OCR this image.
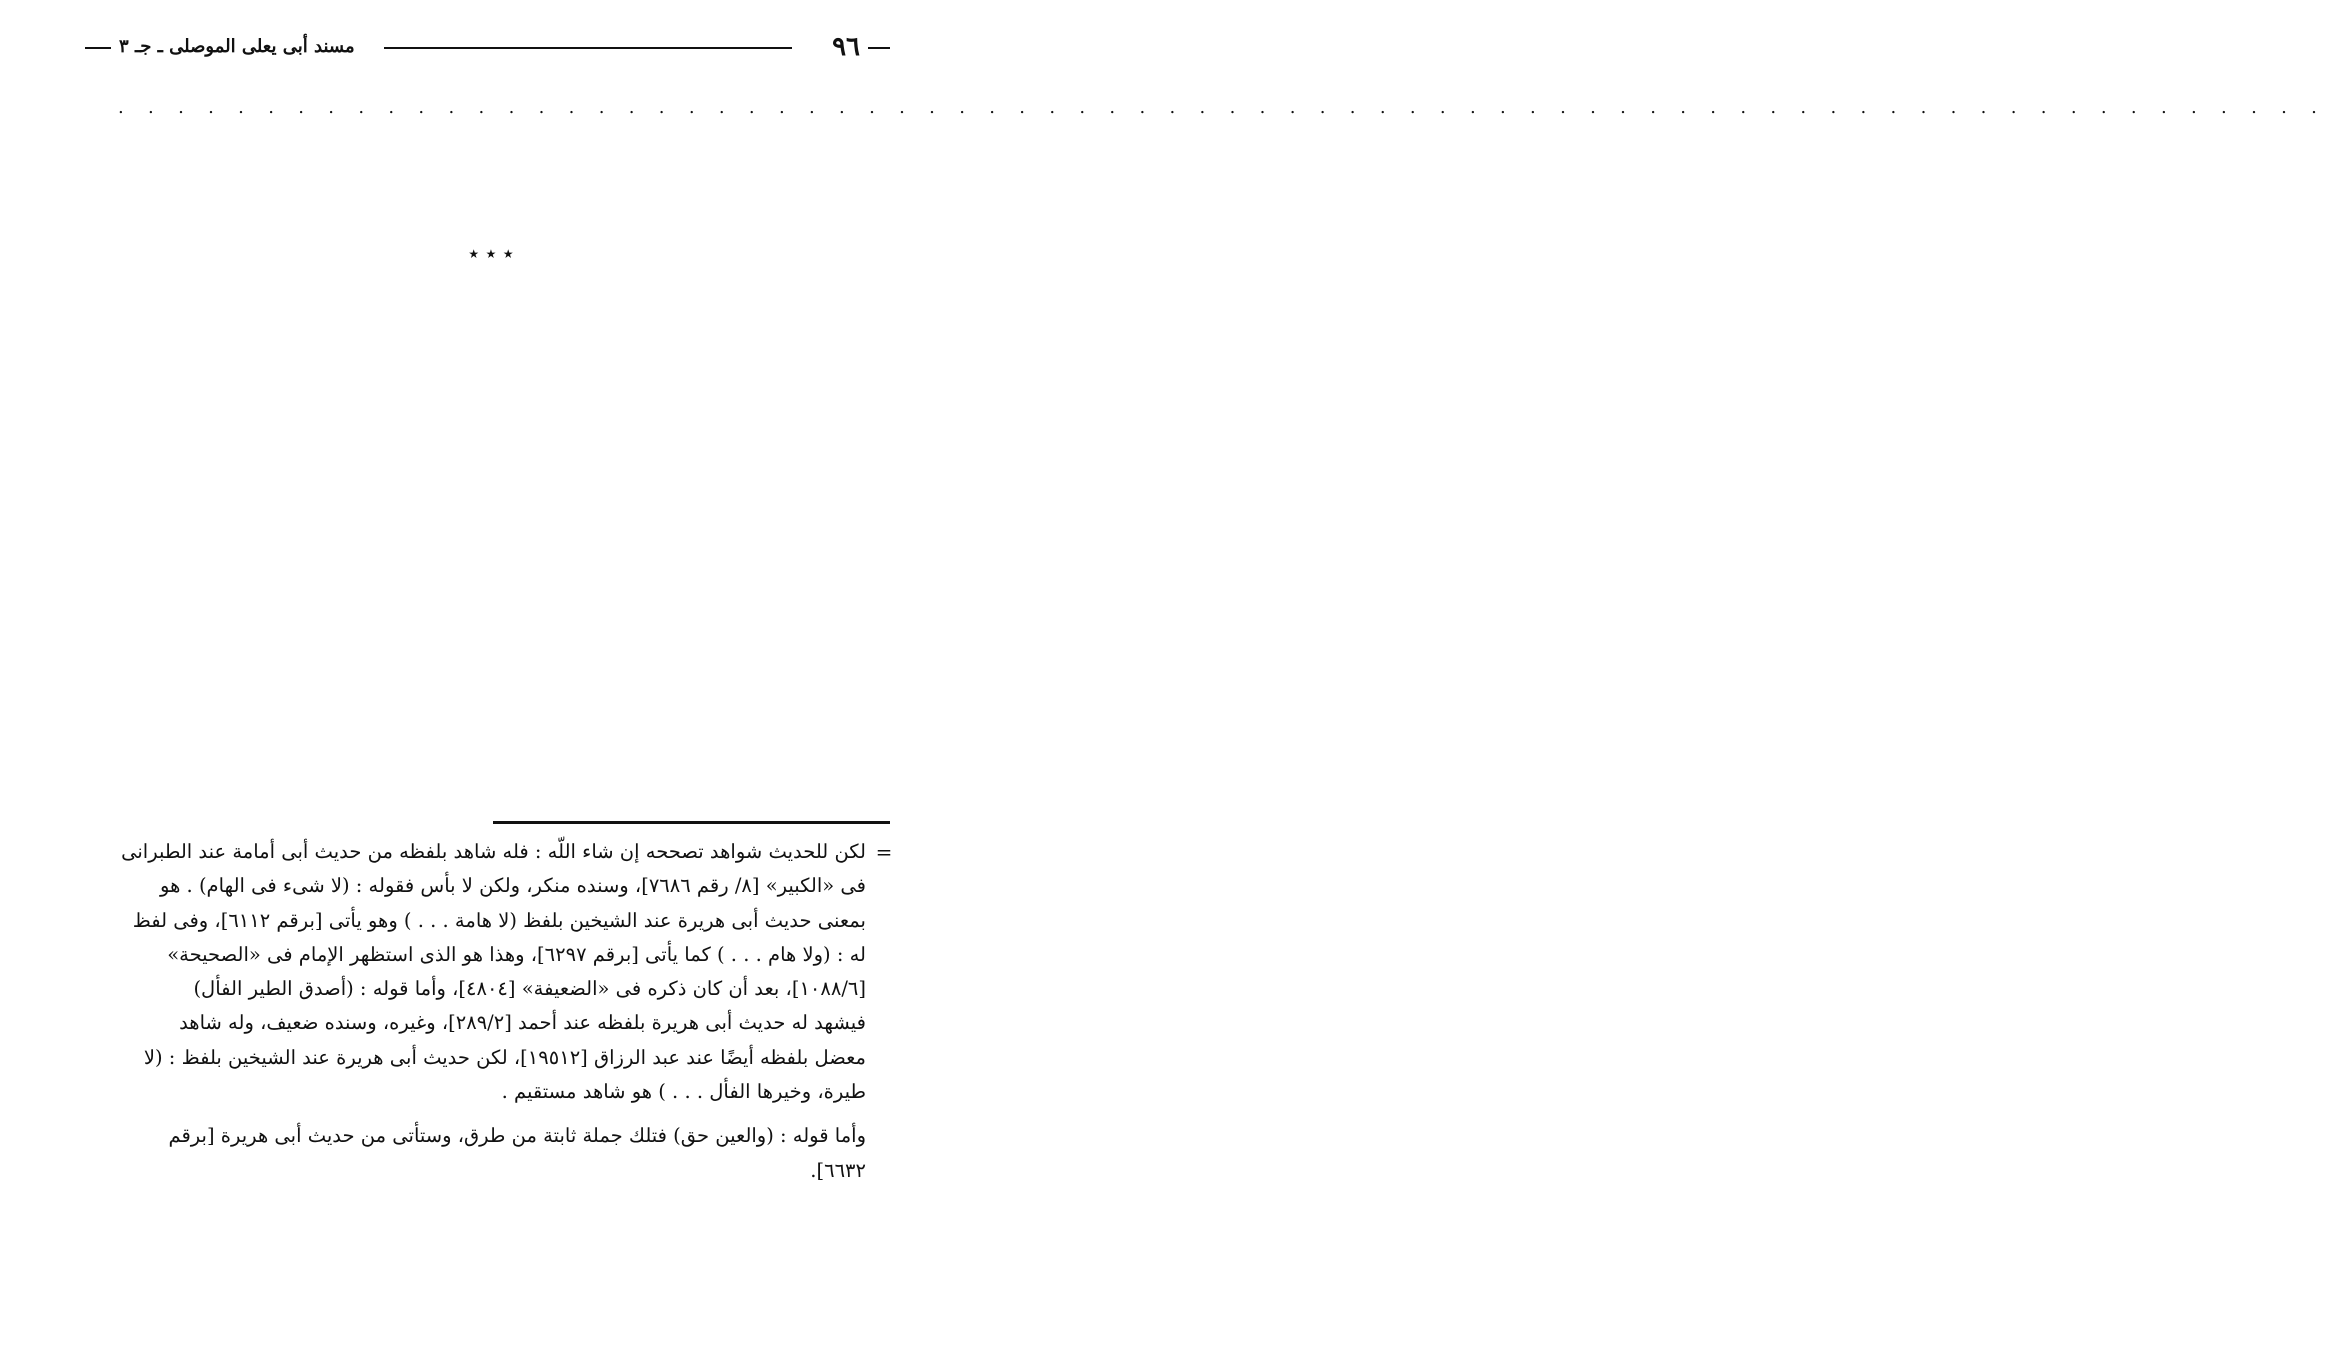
٩٦
مسند أبى يعلى الموصلى ـ جـ ٣
. . . . . . . . . . . . . . . . . . . . . . . . . . . . . . . . . . . . . . . . . . . . . . . . . . . . . . . . . . . . . . . . . . . . . . . . . .
٭ ٭ ٭
=
لكن للحديث شواهد تصححه إن شاء اللّه : فله شاهد بلفظه من حديث أبى أمامة عند الطبرانى
فى «الكبير» [٨/ رقم ٧٦٨٦]، وسنده منكر، ولكن لا بأس فقوله : (لا شىء فى الهام) . هو
بمعنى حديث أبى هريرة عند الشيخين بلفظ (لا هامة . . . ) وهو يأتى [برقم ٦١١٢]، وفى لفظ
له : (ولا هام . . . ) كما يأتى [برقم ٦٢٩٧]، وهذا هو الذى استظهر الإمام فى «الصحيحة»
[١٠٨٨/٦]، بعد أن كان ذكره فى «الضعيفة» [٤٨٠٤]، وأما قوله : (أصدق الطير الفأل)
فيشهد له حديث أبى هريرة بلفظه عند أحمد [٢٨٩/٢]، وغيره، وسنده ضعيف، وله شاهد
معضل بلفظه أيضًا عند عبد الرزاق [١٩٥١٢]، لكن حديث أبى هريرة عند الشيخين بلفظ : (لا
طيرة، وخيرها الفأل . . . ) هو شاهد مستقيم .
وأما قوله : (والعين حق) فتلك جملة ثابتة من طرق، وستأتى من حديث أبى هريرة [برقم
٦٦٣٢].
